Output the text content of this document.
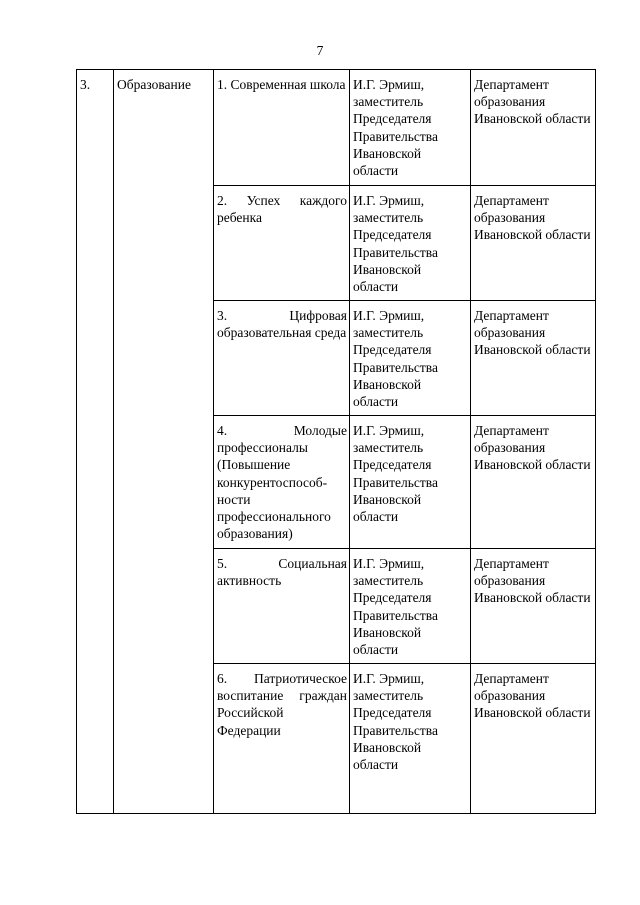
7
3.	Образование	1. Современная школа	И.Г. Эрмиш, заместитель Председателя Правительства Ивановской области	Департамент образования Ивановской области

		2. Успех каждого ребенка	И.Г. Эрмиш, заместитель Председателя Правительства Ивановской области	Департамент образования Ивановской области

		3. Цифровая образовательная среда	И.Г. Эрмиш, заместитель Председателя Правительства Ивановской области	Департамент образования Ивановской области

		4. Молодые профессионалы (Повышение конкурентоспособ-ности профессионального образования)	И.Г. Эрмиш, заместитель Председателя Правительства Ивановской области	Департамент образования Ивановской области

		5. Социальная активность	И.Г. Эрмиш, заместитель Председателя Правительства Ивановской области	Департамент образования Ивановской области

		6. Патриотическое воспитание граждан Российской Федерации	И.Г. Эрмиш, заместитель Председателя Правительства Ивановской области	Департамент образования Ивановской области
